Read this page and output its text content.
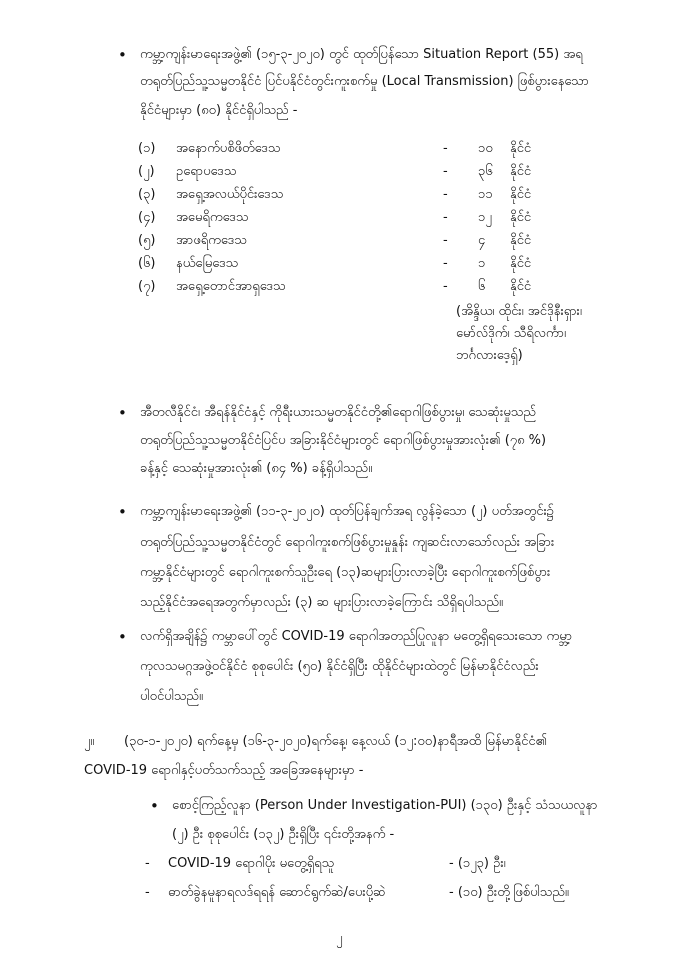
• ကမ္ဘာ့ကျန်းမာရေးအဖွဲ့၏ (၁၅-၃-၂၀၂၀) တွင် ထုတ်ပြန်သော Situation Report (55) အရ
တရုတ်ပြည်သူ့သမ္မတနိုင်ငံ ပြင်ပနိုင်ငံတွင်းကူးစက်မှု (Local Transmission) ဖြစ်ပွားနေသော
နိုင်ငံများမှာ (၈၀) နိုင်ငံရှိပါသည် -
(၁) အနောက်ပစိဖိတ်ဒေသ	- ၁၀ နိုင်ငံ
(၂) ဥရောပဒေသ	- ၃၆ နိုင်ငံ
(၃) အရှေ့အလယ်ပိုင်းဒေသ	- ၁၁ နိုင်ငံ
(၄) အမေရိကဒေသ	- ၁၂ နိုင်ငံ
(၅) အာဖရိကဒေသ	- ၄ နိုင်ငံ
(၆) နယ်မြေဒေသ	- ၁ နိုင်ငံ
(၇) အရှေ့တောင်အာရှဒေသ	- ၆ နိုင်ငံ
(အိန္ဒိယ၊ ထိုင်း၊ အင်ဒိုနီးရှား၊
မော်လ်ဒိုက်၊ သီရိလင်္ကာ၊
ဘင်္ဂလားဒေ့ရှ်)
• အီတလီနိုင်ငံ၊ အီရန်နိုင်ငံနှင့် ကိုရီးယားသမ္မတနိုင်ငံတို့၏ရောဂါဖြစ်ပွားမှု၊ သေဆုံးမှုသည်
တရုတ်ပြည်သူ့သမ္မတနိုင်ငံပြင်ပ အခြားနိုင်ငံများတွင် ရောဂါဖြစ်ပွားမှုအားလုံး၏ (၇၈ %)
ခန့်နှင့် သေဆုံးမှုအားလုံး၏ (၈၄ %) ခန့်ရှိပါသည်။
• ကမ္ဘာ့ကျန်းမာရေးအဖွဲ့၏ (၁၁-၃-၂၀၂၀) ထုတ်ပြန်ချက်အရ လွန်ခဲ့သော (၂) ပတ်အတွင်း၌
တရုတ်ပြည်သူ့သမ္မတနိုင်ငံတွင် ရောဂါကူးစက်ဖြစ်ပွားမှုနှုန်း ကျဆင်းလာသော်လည်း အခြား
ကမ္ဘာ့နိုင်ငံများတွင် ရောဂါကူးစက်သူဦးရေ (၁၃)ဆများပြားလာခဲ့ပြီး ရောဂါကူးစက်ဖြစ်ပွား
သည့်နိုင်ငံအရေအတွက်မှာလည်း (၃) ဆ များပြားလာခဲ့ကြောင်း သိရှိရပါသည်။
• လက်ရှိအချိန်၌ ကမ္ဘာပေါ်တွင် COVID-19 ရောဂါအတည်ပြုလူနာ မတွေ့ရှိရသေးသော ကမ္ဘာ့
ကုလသမဂ္ဂအဖွဲ့ဝင်နိုင်ငံ စုစုပေါင်း (၅၀) နိုင်ငံရှိပြီး ထိုနိုင်ငံများထဲတွင် မြန်မာနိုင်ငံလည်း
ပါဝင်ပါသည်။
၂။ (၃၀-၁-၂၀၂၀) ရက်နေ့မှ (၁၆-၃-၂၀၂၀)ရက်နေ့၊ နေ့လယ် (၁၂:၀၀)နာရီအထိ မြန်မာနိုင်ငံ၏
COVID-19 ရောဂါနှင့်ပတ်သက်သည့် အခြေအနေများမှာ -
• စောင့်ကြည့်လူနာ (Person Under Investigation-PUI) (၁၃၀) ဦးနှင့် သံသယလူနာ
(၂) ဦး စုစုပေါင်း (၁၃၂) ဦးရှိပြီး ၎င်းတို့အနက် -
- COVID-19 ရောဂါပိုး မတွေ့ရှိရသူ	- (၁၂၃) ဦး၊
- ဓာတ်ခွဲနမူနာရလဒ်ရရန် ဆောင်ရွက်ဆဲ/ပေးပို့ဆဲ	- (၁၀) ဦးတို့ဖြစ်ပါသည်။
၂
